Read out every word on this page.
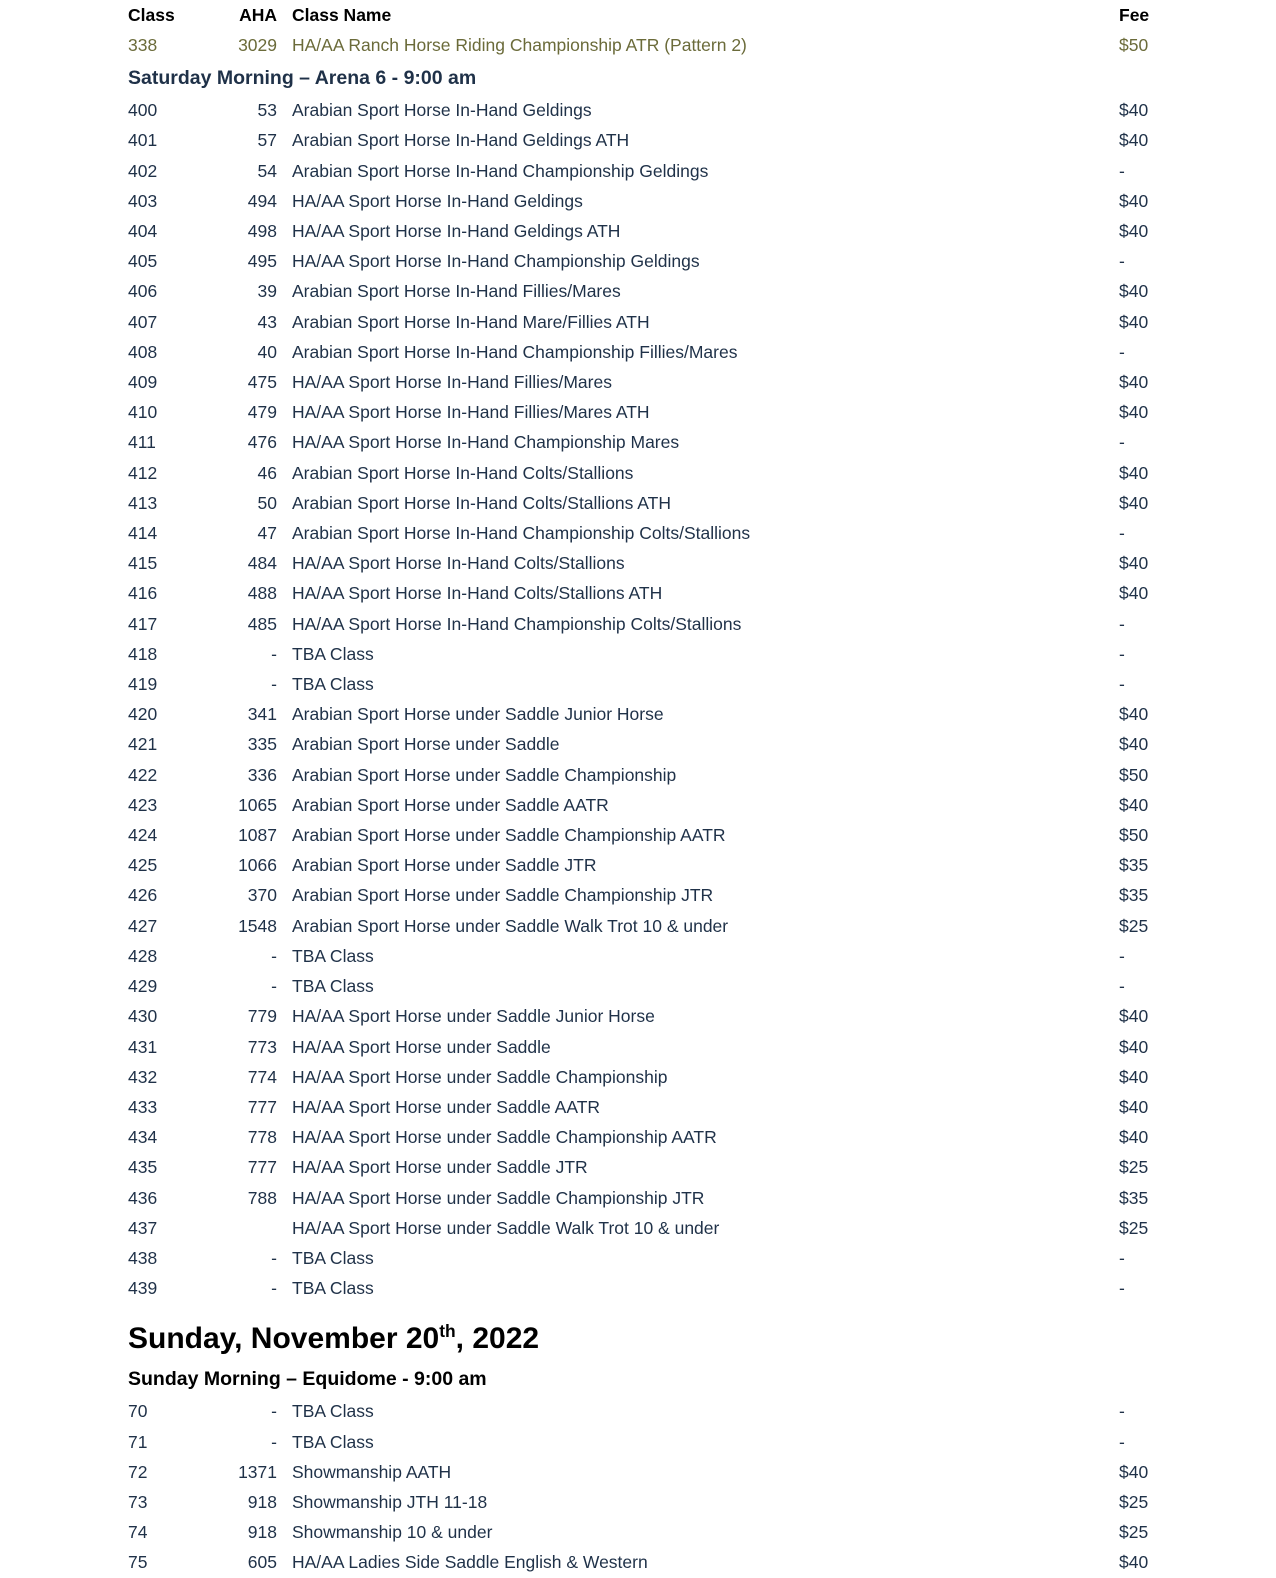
Class	AHA	Class Name	Fee
338	3029	HA/AA Ranch Horse Riding Championship ATR (Pattern 2)	$50
Saturday Morning – Arena 6 - 9:00 am			
400	53	Arabian Sport Horse In-Hand Geldings	$40
401	57	Arabian Sport Horse In-Hand Geldings ATH	$40
402	54	Arabian Sport Horse In-Hand Championship Geldings	-
403	494	HA/AA Sport Horse In-Hand Geldings	$40
404	498	HA/AA Sport Horse In-Hand Geldings ATH	$40
405	495	HA/AA Sport Horse In-Hand Championship Geldings	-
406	39	Arabian Sport Horse In-Hand Fillies/Mares	$40
407	43	Arabian Sport Horse In-Hand Mare/Fillies ATH	$40
408	40	Arabian Sport Horse In-Hand Championship Fillies/Mares	-
409	475	HA/AA Sport Horse In-Hand Fillies/Mares	$40
410	479	HA/AA Sport Horse In-Hand Fillies/Mares ATH	$40
411	476	HA/AA Sport Horse In-Hand Championship Mares	-
412	46	Arabian Sport Horse In-Hand Colts/Stallions	$40
413	50	Arabian Sport Horse In-Hand Colts/Stallions ATH	$40
414	47	Arabian Sport Horse In-Hand Championship Colts/Stallions	-
415	484	HA/AA Sport Horse In-Hand Colts/Stallions	$40
416	488	HA/AA Sport Horse In-Hand Colts/Stallions ATH	$40
417	485	HA/AA Sport Horse In-Hand Championship Colts/Stallions	-
418	-	TBA Class	-
419	-	TBA Class	-
420	341	Arabian Sport Horse under Saddle Junior Horse	$40
421	335	Arabian Sport Horse under Saddle	$40
422	336	Arabian Sport Horse under Saddle Championship	$50
423	1065	Arabian Sport Horse under Saddle AATR	$40
424	1087	Arabian Sport Horse under Saddle Championship AATR	$50
425	1066	Arabian Sport Horse under Saddle JTR	$35
426	370	Arabian Sport Horse under Saddle Championship JTR	$35
427	1548	Arabian Sport Horse under Saddle Walk Trot 10 & under	$25
428	-	TBA Class	-
429	-	TBA Class	-
430	779	HA/AA Sport Horse under Saddle Junior Horse	$40
431	773	HA/AA Sport Horse under Saddle	$40
432	774	HA/AA Sport Horse under Saddle Championship	$40
433	777	HA/AA Sport Horse under Saddle AATR	$40
434	778	HA/AA Sport Horse under Saddle Championship AATR	$40
435	777	HA/AA Sport Horse under Saddle JTR	$25
436	788	HA/AA Sport Horse under Saddle Championship JTR	$35
437		HA/AA Sport Horse under Saddle Walk Trot 10 & under	$25
438	-	TBA Class	-
439	-	TBA Class	-
Sunday, November 20th, 2022			
Sunday Morning – Equidome - 9:00 am			
70	-	TBA Class	-
71	-	TBA Class	-
72	1371	Showmanship AATH	$40
73	918	Showmanship JTH 11-18	$25
74	918	Showmanship 10 & under	$25
75	605	HA/AA Ladies Side Saddle English & Western	$40
